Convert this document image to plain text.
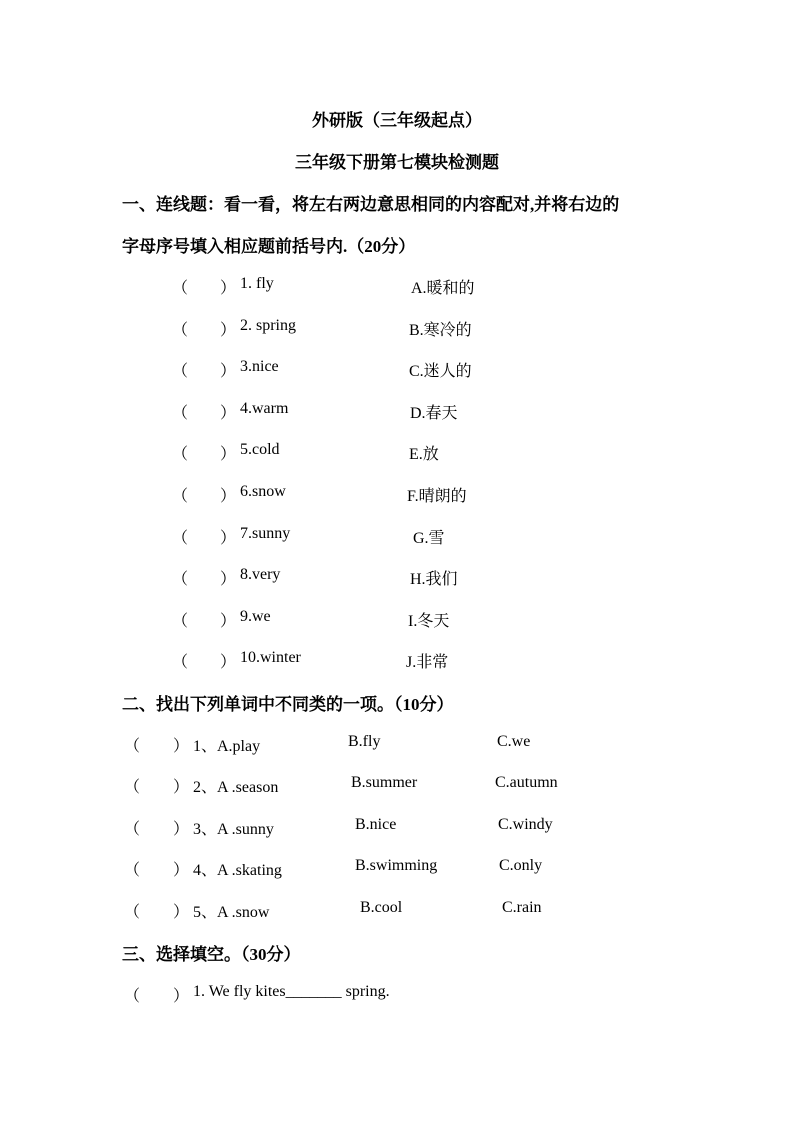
外研版（三年级起点）
三年级下册第七模块检测题
一、连线题：看一看，将左右两边意思相同的内容配对,并将右边的
字母序号填入相应题前括号内.（20分）
（ ） 1. fly	A.暖和的
（ ） 2. spring	B.寒冷的
（ ） 3.nice	C.迷人的
（ ） 4.warm	D.春天
（ ） 5.cold	E.放
（ ） 6.snow	F.晴朗的
（ ） 7.sunny	G.雪
（ ） 8.very	H.我们
（ ） 9.we	I.冬天
（ ） 10.winter	J.非常
二、找出下列单词中不同类的一项。（10分）
（ ） 1、A.play	B.fly	C.we
（ ） 2、A .season	B.summer	C.autumn
（ ） 3、A .sunny	B.nice	C.windy
（ ） 4、A .skating	B.swimming	C.only
（ ） 5、A .snow	B.cool	C.rain
三、选择填空。（30分）
（ ） 1. We fly kites_______ spring.
